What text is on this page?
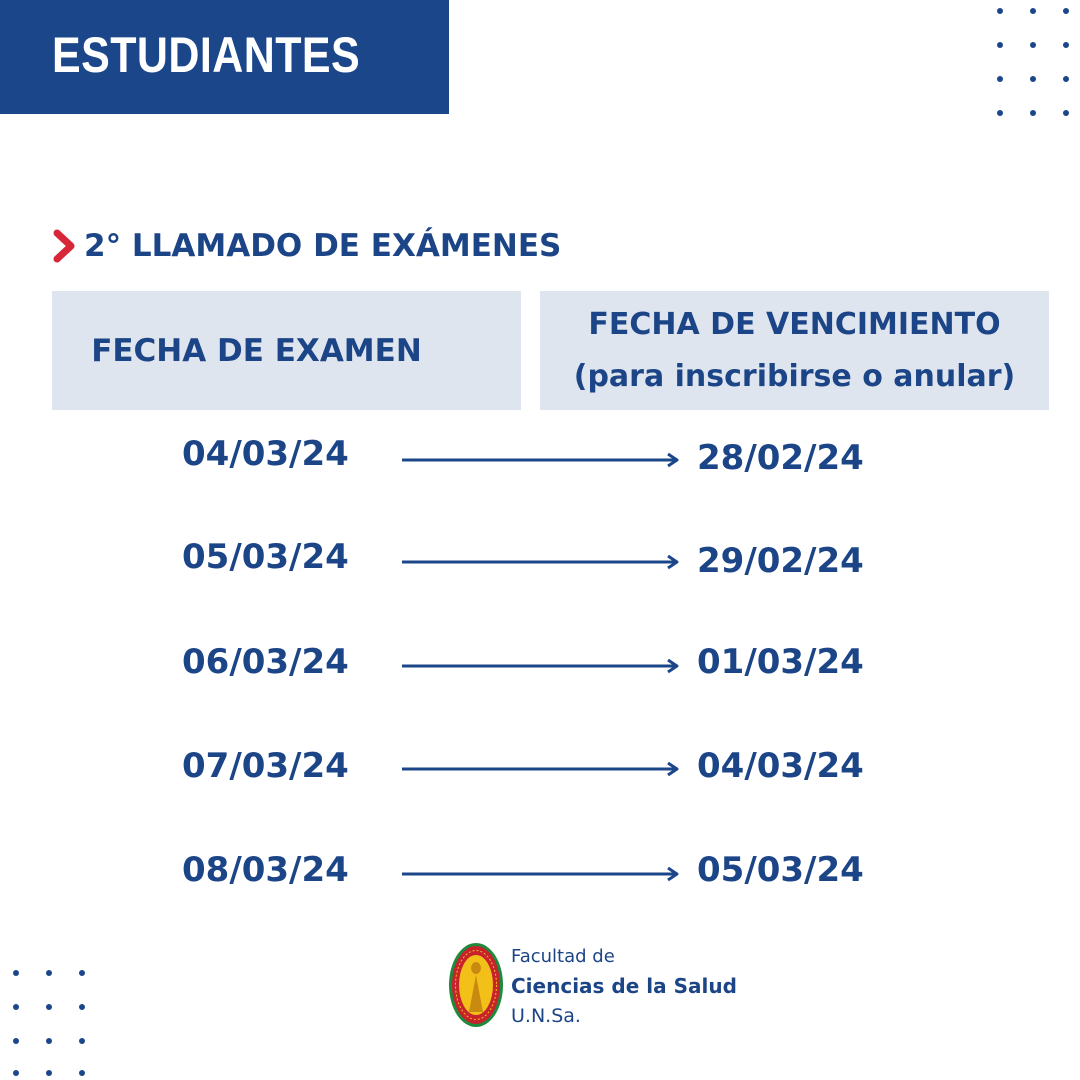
ESTUDIANTES
2° LLAMADO DE EXÁMENES
FECHA DE EXAMEN
FECHA DE VENCIMIENTO
(para inscribirse o anular)
04/03/24	28/02/24
05/03/24	29/02/24
06/03/24	01/03/24
07/03/24	04/03/24
08/03/24	05/03/24
Facultad de
Ciencias de la Salud
U.N.Sa.
